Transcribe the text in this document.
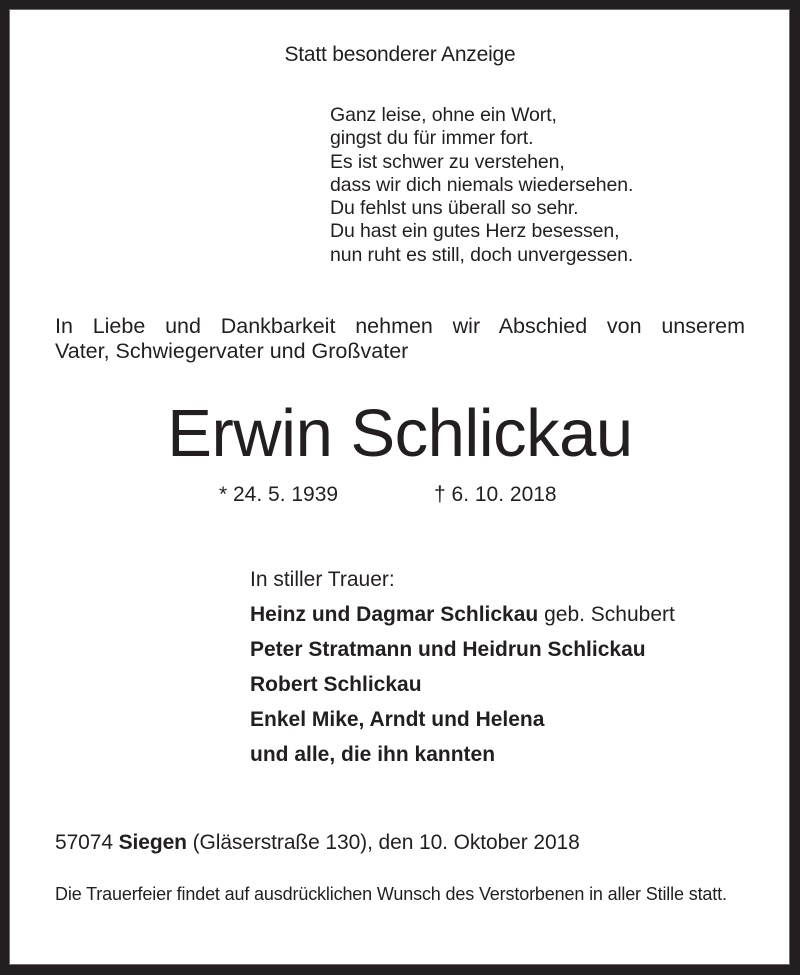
Statt besonderer Anzeige
Ganz leise, ohne ein Wort,
gingst du für immer fort.
Es ist schwer zu verstehen,
dass wir dich niemals wiedersehen.
Du fehlst uns überall so sehr.
Du hast ein gutes Herz besessen,
nun ruht es still, doch unvergessen.
In Liebe und Dankbarkeit nehmen wir Abschied von unserem
Vater, Schwiegervater und Großvater
Erwin Schlickau
* 24. 5. 1939	† 6. 10. 2018
In stiller Trauer:
Heinz und Dagmar Schlickau geb. Schubert
Peter Stratmann und Heidrun Schlickau
Robert Schlickau
Enkel Mike, Arndt und Helena
und alle, die ihn kannten
57074 Siegen (Gläserstraße 130), den 10. Oktober 2018
Die Trauerfeier findet auf ausdrücklichen Wunsch des Verstorbenen in aller Stille statt.
